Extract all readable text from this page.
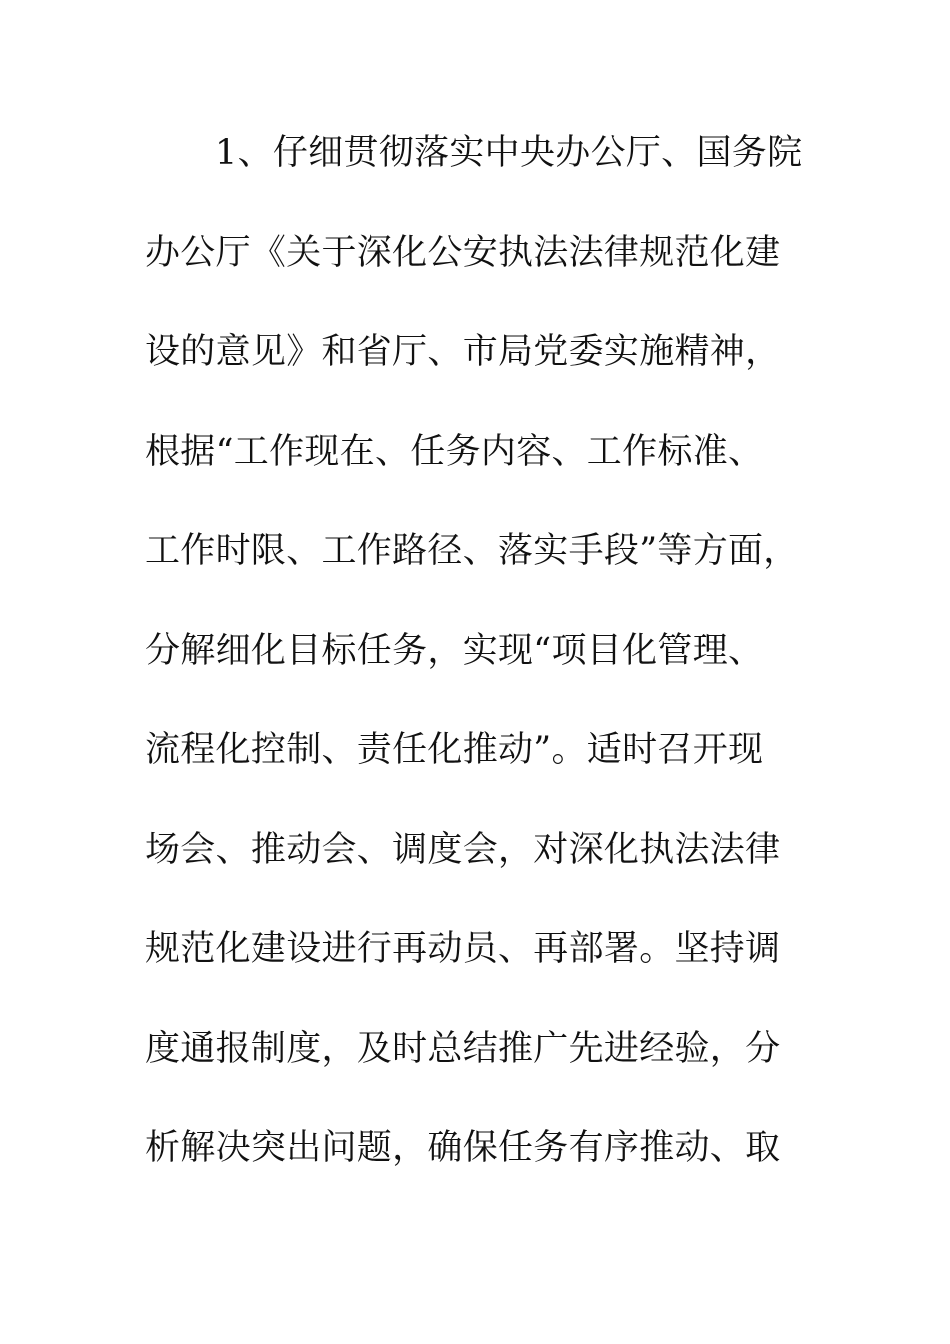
1、仔细贯彻落实中央办公厅、国务院
办公厅《关于深化公安执法法律规范化建
设的意见》和省厅、市局党委实施精神，
根据“工作现在、任务内容、工作标准、
工作时限、工作路径、落实手段”等方面，
分解细化目标任务，实现“项目化管理、
流程化控制、责任化推动”。适时召开现
场会、推动会、调度会，对深化执法法律
规范化建设进行再动员、再部署。坚持调
度通报制度，及时总结推广先进经验，分
析解决突出问题，确保任务有序推动、取
